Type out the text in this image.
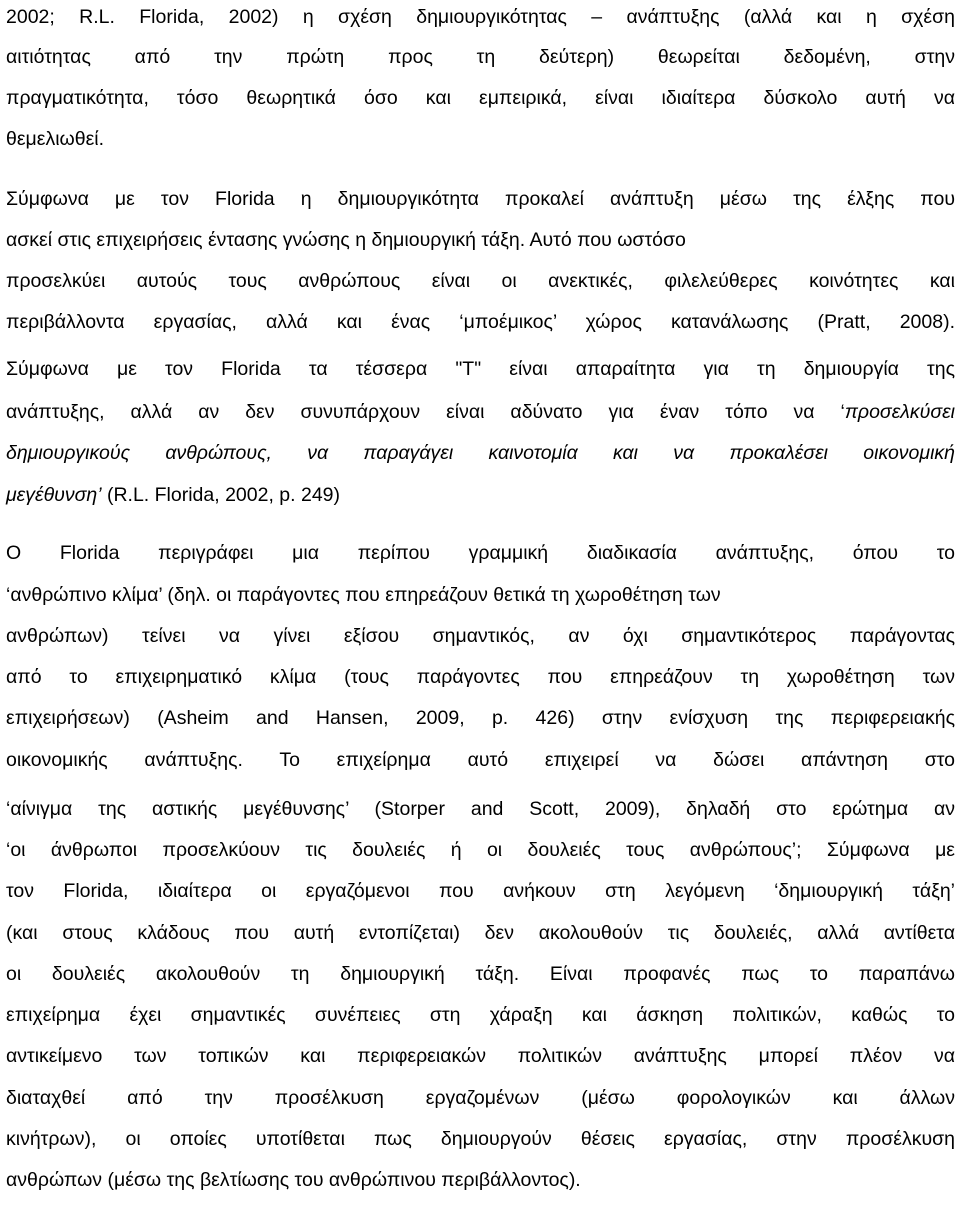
2002; R.L. Florida, 2002) η σχέση δημιουργικότητας – ανάπτυξης (αλλά και η σχέση
αιτιότητας από την πρώτη προς τη δεύτερη) θεωρείται δεδομένη, στην
πραγματικότητα, τόσο θεωρητικά όσο και εμπειρικά, είναι ιδιαίτερα δύσκολο αυτή να
θεμελιωθεί.
Σύμφωνα με τον Florida η δημιουργικότητα προκαλεί ανάπτυξη μέσω της έλξης που
ασκεί στις επιχειρήσεις έντασης γνώσης η δημιουργική τάξη. Αυτό που ωστόσο
προσελκύει αυτούς τους ανθρώπους είναι οι ανεκτικές, φιλελεύθερες κοινότητες και
περιβάλλοντα εργασίας, αλλά και ένας ‘μποέμικος’ χώρος κατανάλωσης (Pratt, 2008).
Σύμφωνα με τον Florida τα τέσσερα "Τ" είναι απαραίτητα για τη δημιουργία της
ανάπτυξης, αλλά αν δεν συνυπάρχουν είναι αδύνατο για έναν τόπο να ‘προσελκύσει
δημιουργικούς ανθρώπους, να παραγάγει καινοτομία και να προκαλέσει οικονομική
μεγέθυνση’ (R.L. Florida, 2002, p. 249)
Ο Florida περιγράφει μια περίπου γραμμική διαδικασία ανάπτυξης, όπου το
‘ανθρώπινο κλίμα’ (δηλ. οι παράγοντες που επηρεάζουν θετικά τη χωροθέτηση των
ανθρώπων) τείνει να γίνει εξίσου σημαντικός, αν όχι σημαντικότερος παράγοντας
από το επιχειρηματικό κλίμα (τους παράγοντες που επηρεάζουν τη χωροθέτηση των
επιχειρήσεων) (Asheim and Hansen, 2009, p. 426) στην ενίσχυση της περιφερειακής
οικονομικής ανάπτυξης. Το επιχείρημα αυτό επιχειρεί να δώσει απάντηση στο
‘αίνιγμα της αστικής μεγέθυνσης’ (Storper and Scott, 2009), δηλαδή στο ερώτημα αν
‘οι άνθρωποι προσελκύουν τις δουλειές ή οι δουλειές τους ανθρώπους’; Σύμφωνα με
τον Florida, ιδιαίτερα οι εργαζόμενοι που ανήκουν στη λεγόμενη ‘δημιουργική τάξη’
(και στους κλάδους που αυτή εντοπίζεται) δεν ακολουθούν τις δουλειές, αλλά αντίθετα
οι δουλειές ακολουθούν τη δημιουργική τάξη. Είναι προφανές πως το παραπάνω
επιχείρημα έχει σημαντικές συνέπειες στη χάραξη και άσκηση πολιτικών, καθώς το
αντικείμενο των τοπικών και περιφερειακών πολιτικών ανάπτυξης μπορεί πλέον να
διαταχθεί από την προσέλκυση εργαζομένων (μέσω φορολογικών και άλλων
κινήτρων), οι οποίες υποτίθεται πως δημιουργούν θέσεις εργασίας, στην προσέλκυση
ανθρώπων (μέσω της βελτίωσης του ανθρώπινου περιβάλλοντος).
